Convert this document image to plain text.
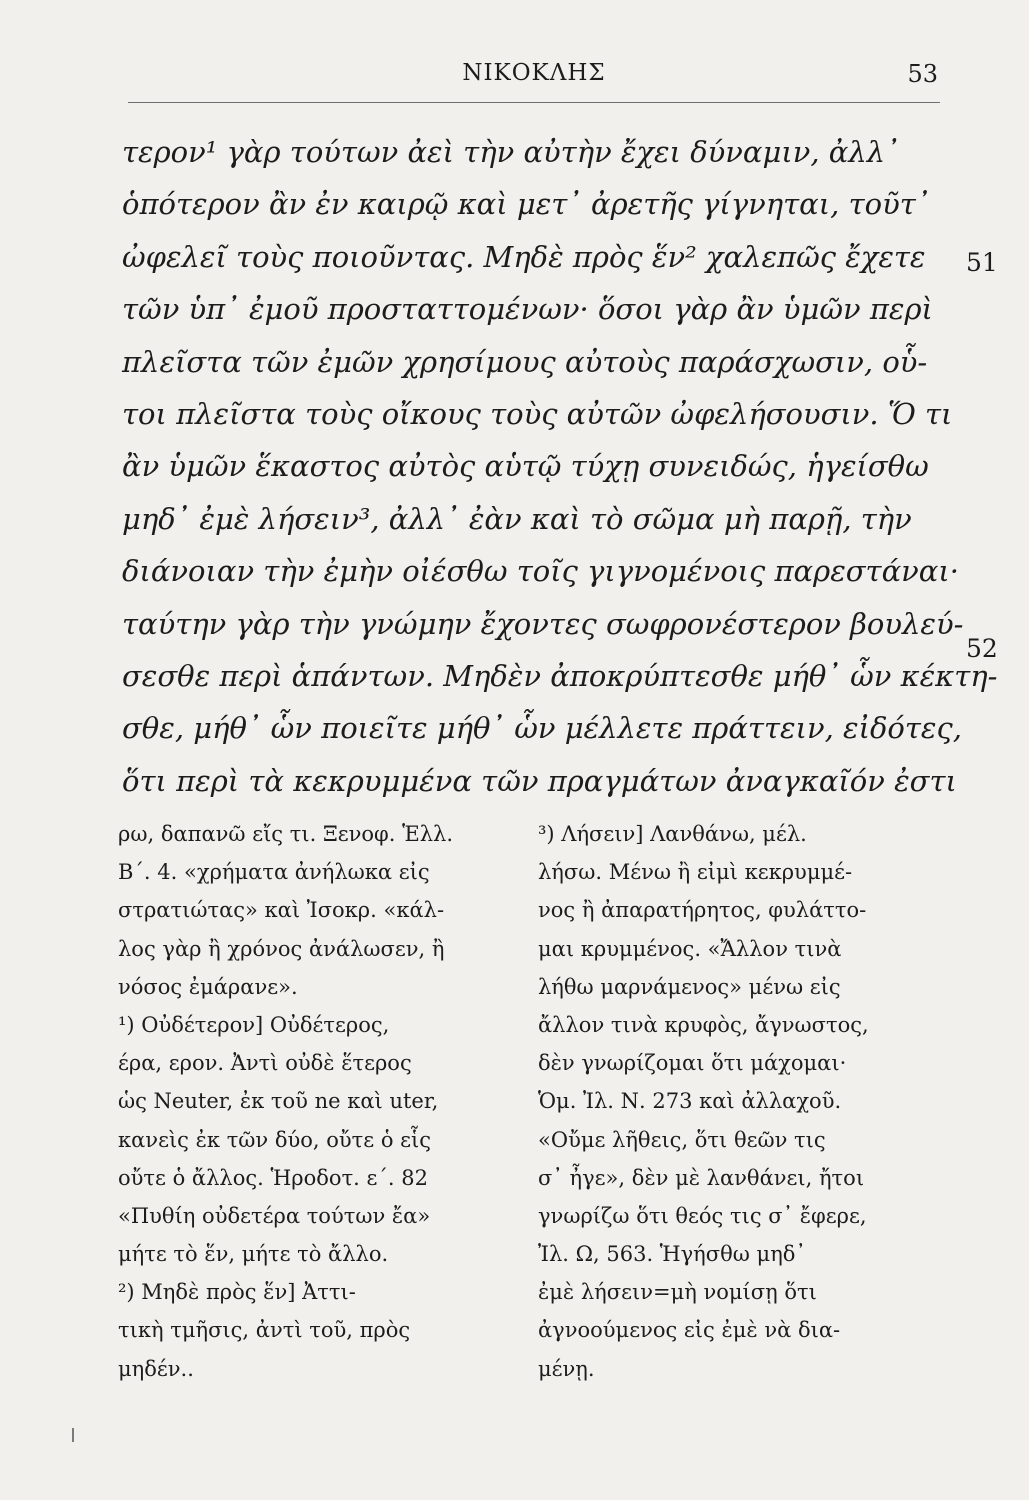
ΝΙΚΟΚΛΗΣ	53
τερον¹ γὰρ τούτων ἀεὶ τὴν αὐτὴν ἔχει δύναμιν, ἀλλ᾽
ὁπότερον ἂν ἐν καιρῷ καὶ μετ᾽ ἀρετῆς γίγνηται, τοῦτ᾽
ὠφελεῖ τοὺς ποιοῦντας. Μηδὲ πρὸς ἕν² χαλεπῶς ἔχετε
τῶν ὑπ᾽ ἐμοῦ προσταττομένων· ὅσοι γὰρ ἂν ὑμῶν περὶ
πλεῖστα τῶν ἐμῶν χρησίμους αὐτοὺς παράσχωσιν, οὗ-
τοι πλεῖστα τοὺς οἴκους τοὺς αὐτῶν ὠφελήσουσιν. Ὅ τι
ἂν ὑμῶν ἕκαστος αὐτὸς αὑτῷ τύχῃ συνειδώς, ἡγείσθω
μηδ᾽ ἐμὲ λήσειν³, ἀλλ᾽ ἐὰν καὶ τὸ σῶμα μὴ παρῇ, τὴν
διάνοιαν τὴν ἐμὴν οἰέσθω τοῖς γιγνομένοις παρεστάναι·
ταύτην γὰρ τὴν γνώμην ἔχοντες σωφρονέστερον βουλεύ-
σεσθε περὶ ἁπάντων. Μηδὲν ἀποκρύπτεσθε μήθ᾽ ὧν κέκτη-
σθε, μήθ᾽ ὧν ποιεῖτε μήθ᾽ ὧν μέλλετε πράττειν, εἰδότες,
ὅτι περὶ τὰ κεκρυμμένα τῶν πραγμάτων ἀναγκαῖόν ἐστι
51
52
ρω, δαπανῶ εἴς τι. Ξενοφ. Ἑλλ.
Β΄. 4. «χρήματα ἀνήλωκα εἰς
στρατιώτας» καὶ Ἰσοκρ. «κάλ-
λος γὰρ ἢ χρόνος ἀνάλωσεν, ἢ
νόσος ἐμάρανε».
¹) Οὐδέτερον] Οὐδέτερος,
έρα, ερον. Ἀντὶ οὐδὲ ἕτερος
ὡς Neuter, ἐκ τοῦ ne καὶ uter,
κανεὶς ἐκ τῶν δύο, οὔτε ὁ εἷς
οὔτε ὁ ἄλλος. Ἡροδοτ. ε΄. 82
«Πυθίη οὐδετέρα τούτων ἔα»
μήτε τὸ ἕν, μήτε τὸ ἄλλο.
²) Μηδὲ πρὸς ἕν] Ἀττι-
τικὴ τμῆσις, ἀντὶ τοῦ, πρὸς
μηδέν..
³) Λήσειν] Λανθάνω, μέλ.
λήσω. Μένω ἢ εἰμὶ κεκρυμμέ-
νος ἢ ἀπαρατήρητος, φυλάττο-
μαι κρυμμένος. «Ἄλλον τινὰ
λήθω μαρνάμενος» μένω εἰς
ἄλλον τινὰ κρυφὸς, ἄγνωστος,
δὲν γνωρίζομαι ὅτι μάχομαι·
Ὁμ. Ἰλ. Ν. 273 καὶ ἀλλαχοῦ.
«Οὔμε λῆθεις, ὅτι θεῶν τις
σ᾽ ἦγε», δὲν μὲ λανθάνει, ἤτοι
γνωρίζω ὅτι θεός τις σ᾽ ἔφερε,
Ἰλ. Ω, 563. Ἡγήσθω μηδ᾽
ἐμὲ λήσειν=μὴ νομίσῃ ὅτι
ἀγνοούμενος εἰς ἐμὲ νὰ δια-
μένῃ.
